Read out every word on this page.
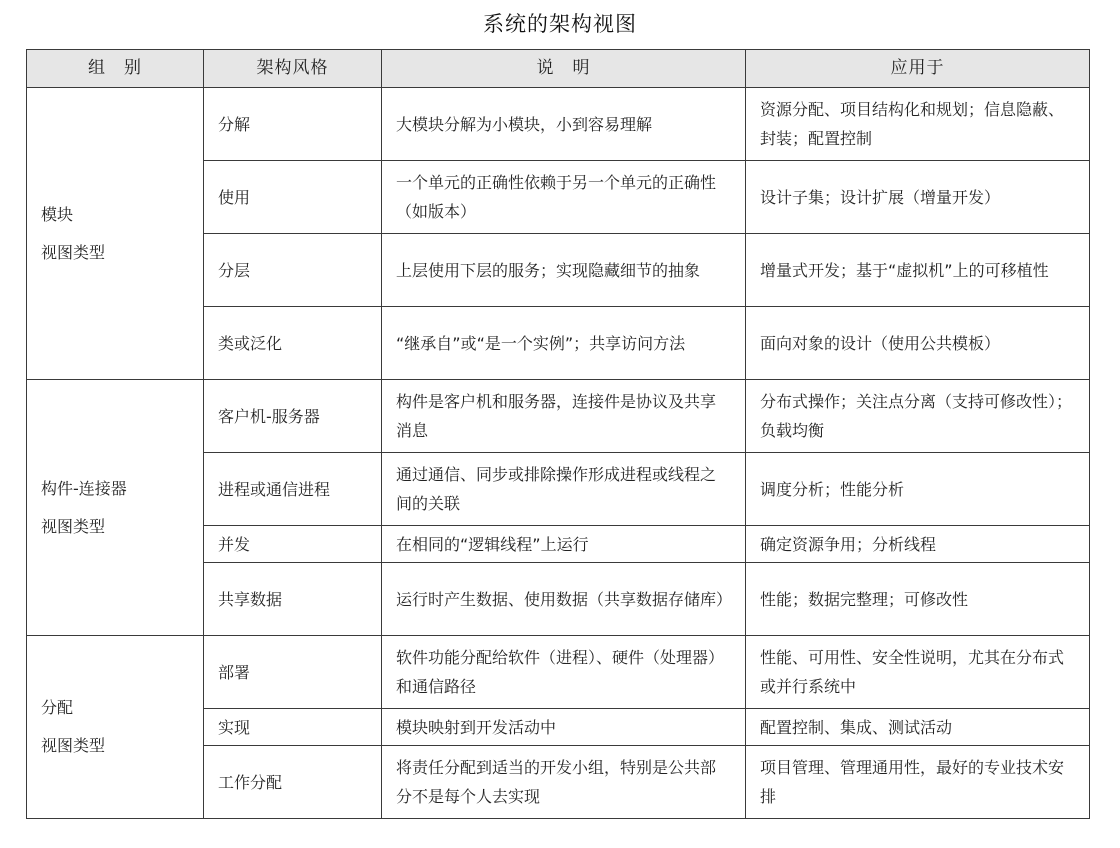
系统的架构视图
组　别	架构风格	说　明	应用于

模块
视图类型	分解	大模块分解为小模块，小到容易理解	资源分配、项目结构化和规划；信息隐蔽、封装；配置控制
	使用	一个单元的正确性依赖于另一个单元的正确性（如版本）	设计子集；设计扩展（增量开发）
	分层	上层使用下层的服务；实现隐藏细节的抽象	增量式开发；基于“虚拟机”上的可移植性
	类或泛化	“继承自”或“是一个实例”；共享访问方法	面向对象的设计（使用公共模板）

构件-连接器
视图类型	客户机-服务器	构件是客户机和服务器，连接件是协议及共享消息	分布式操作；关注点分离（支持可修改性）；负载均衡
	进程或通信进程	通过通信、同步或排除操作形成进程或线程之间的关联	调度分析；性能分析
	并发	在相同的“逻辑线程”上运行	确定资源争用；分析线程
	共享数据	运行时产生数据、使用数据（共享数据存储库）	性能；数据完整理；可修改性

分配
视图类型	部署	软件功能分配给软件（进程）、硬件（处理器）和通信路径	性能、可用性、安全性说明，尤其在分布式或并行系统中
	实现	模块映射到开发活动中	配置控制、集成、测试活动
	工作分配	将责任分配到适当的开发小组，特别是公共部分不是每个人去实现	项目管理、管理通用性，最好的专业技术安排
